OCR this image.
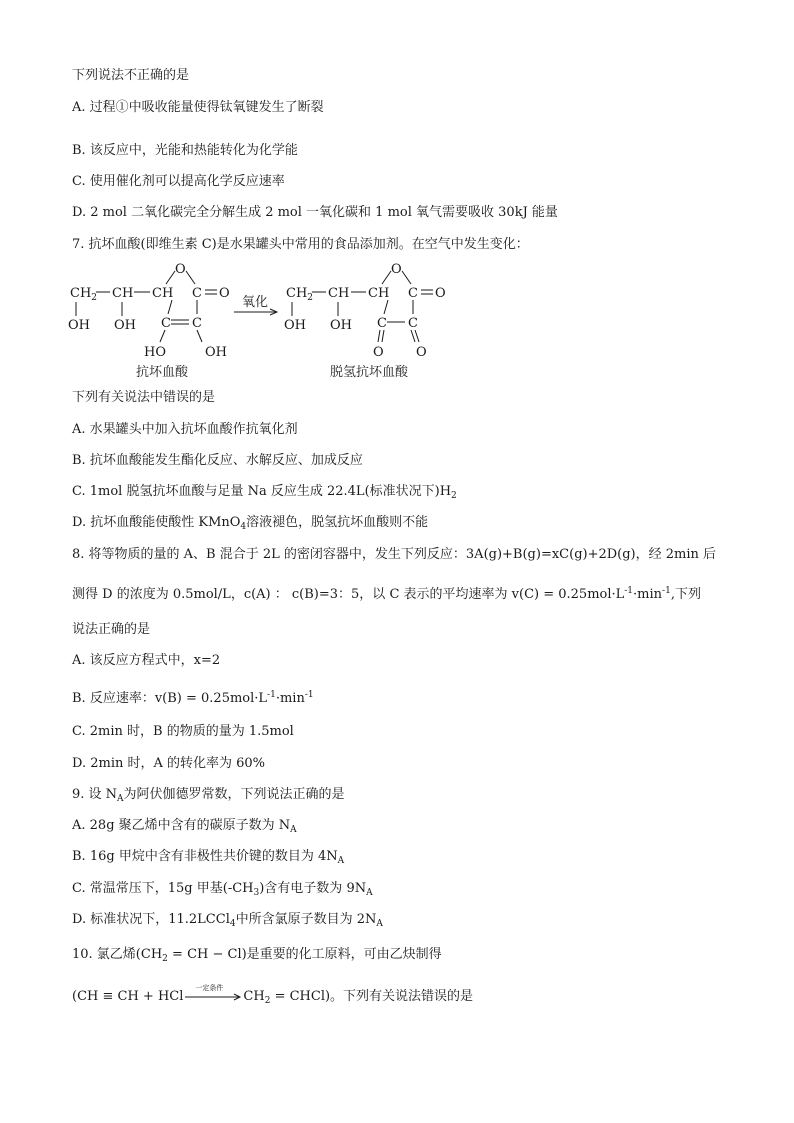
下列说法不正确的是
A. 过程①中吸收能量使得钛氧键发生了断裂
B. 该反应中，光能和热能转化为化学能
C. 使用催化剂可以提高化学反应速率
D. 2 mol 二氧化碳完全分解生成 2 mol 一氧化碳和 1 mol 氧气需要吸收 30kJ 能量
7. 抗坏血酸(即维生素 C)是水果罐头中常用的食品添加剂。在空气中发生变化：
$CH_2$ CH CH
OH OH
O
C O
C C
HO	OH
抗坏血酸
氧化
$CH_2$ CH CH
OH OH
O
C O
C C
O O
脱氢抗坏血酸
下列有关说法中错误的是
A. 水果罐头中加入抗坏血酸作抗氧化剂
B. 抗坏血酸能发生酯化反应、水解反应、加成反应
C. 1mol 脱氢抗坏血酸与足量 Na 反应生成 22.4L(标准状况下)$H_2$
D. 抗坏血酸能使酸性 KMnO$_4$溶液褪色，脱氢抗坏血酸则不能
8. 将等物质的量的 A、B 混合于 2L 的密闭容器中，发生下列反应：3A(g)+B(g)=xC(g)+2D(g)，经 2min 后
测得 D 的浓度为 0.5mol/L，c(A) ： c(B)=3：5，以 C 表示的平均速率为 $v(C) = 0.25mol\cdot L^{-1}\cdot\min^{-1}$,下列
说法正确的是
A. 该反应方程式中，x=2
B. 反应速率：$v(B) = 0.25mol\cdot L^{-1}\cdot\min^{-1}$
C. 2min 时，B 的物质的量为 1.5mol
D. 2min 时，A 的转化率为 60%
9. 设 $N_A$为阿伏伽德罗常数，下列说法正确的是
A. 28g 聚乙烯中含有的碳原子数为 $N_A$
B. 16g 甲烷中含有非极性共价键的数目为 $4N_A$
C. 常温常压下，15g 甲基$(-CH_3)$含有电子数为 $9N_A$
D. 标准状况下，11.2LCCl$_4$中所含氯原子数目为 $2N_A$
10. 氯乙烯($CH_2$ = CH − Cl)是重要的化工原料，可由乙炔制得
(CH ≡ CH + HCl
一定条件
$CH_2$ = CHCl)。下列有关说法错误的是
